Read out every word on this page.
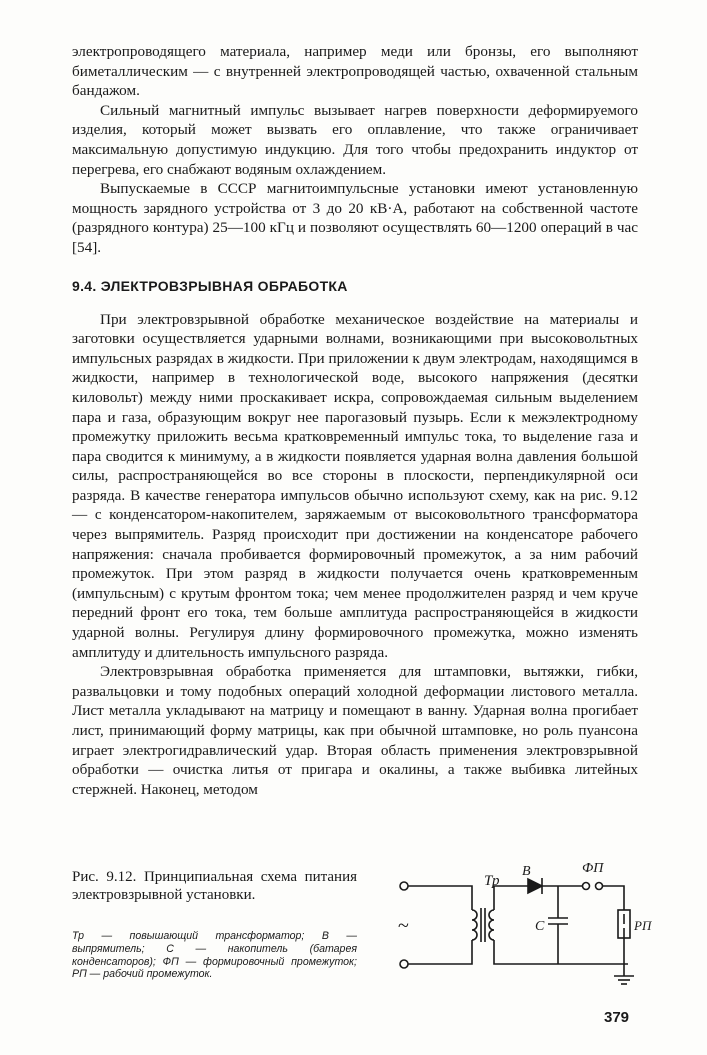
электропроводящего материала, например меди или бронзы, его выполняют биметаллическим — с внутренней электропроводящей частью, охваченной стальным бандажом.

Сильный магнитный импульс вызывает нагрев поверхности деформируемого изделия, который может вызвать его оплавление, что также ограничивает максимальную допустимую индукцию. Для того чтобы предохранить индуктор от перегрева, его снабжают водяным охлаждением.

Выпускаемые в СССР магнитоимпульсные установки имеют установленную мощность зарядного устройства от 3 до 20 кВ·А, работают на собственной частоте (разрядного контура) 25—100 кГц и позволяют осуществлять 60—1200 операций в час [54].

9.4. ЭЛЕКТРОВЗРЫВНАЯ ОБРАБОТКА

При электровзрывной обработке механическое воздействие на материалы и заготовки осуществляется ударными волнами, возникающими при высоковольтных импульсных разрядах в жидкости. При приложении к двум электродам, находящимся в жидкости, например в технологической воде, высокого напряжения (десятки киловольт) между ними проскакивает искра, сопровождаемая сильным выделением пара и газа, образующим вокруг нее парогазовый пузырь. Если к межэлектродному промежутку приложить весьма кратковременный импульс тока, то выделение газа и пара сводится к минимуму, а в жидкости появляется ударная волна давления большой силы, распространяющейся во все стороны в плоскости, перпендикулярной оси разряда. В качестве генератора импульсов обычно используют схему, как на рис. 9.12 — с конденсатором-накопителем, заряжаемым от высоковольтного трансформатора через выпрямитель. Разряд происходит при достижении на конденсаторе рабочего напряжения: сначала пробивается формировочный промежуток, а за ним рабочий промежуток. При этом разряд в жидкости получается очень кратковременным (импульсным) с крутым фронтом тока; чем менее продолжителен разряд и чем круче передний фронт его тока, тем больше амплитуда распространяющейся в жидкости ударной волны. Регулируя длину формировочного промежутка, можно изменять амплитуду и длительность импульсного разряда.

Электровзрывная обработка применяется для штамповки, вытяжки, гибки, развальцовки и тому подобных операций холодной деформации листового металла. Лист металла укладывают на матрицу и помещают в ванну. Ударная волна прогибает лист, принимающий форму матрицы, как при обычной штамповке, но роль пуансона играет электрогидравлический удар. Вторая область применения электровзрывной обработки — очистка литья от пригара и окалины, а также выбивка литейных стержней. Наконец, методом

Рис. 9.12. Принципиальная схема питания электровзрывной установки.
Тр — повышающий трансформатор; В — выпрямитель; С — накопитель (батарея конденсаторов); ФП — формировочный промежуток; РП — рабочий промежуток.
~
Тр
В
С
ФП
РП
379
